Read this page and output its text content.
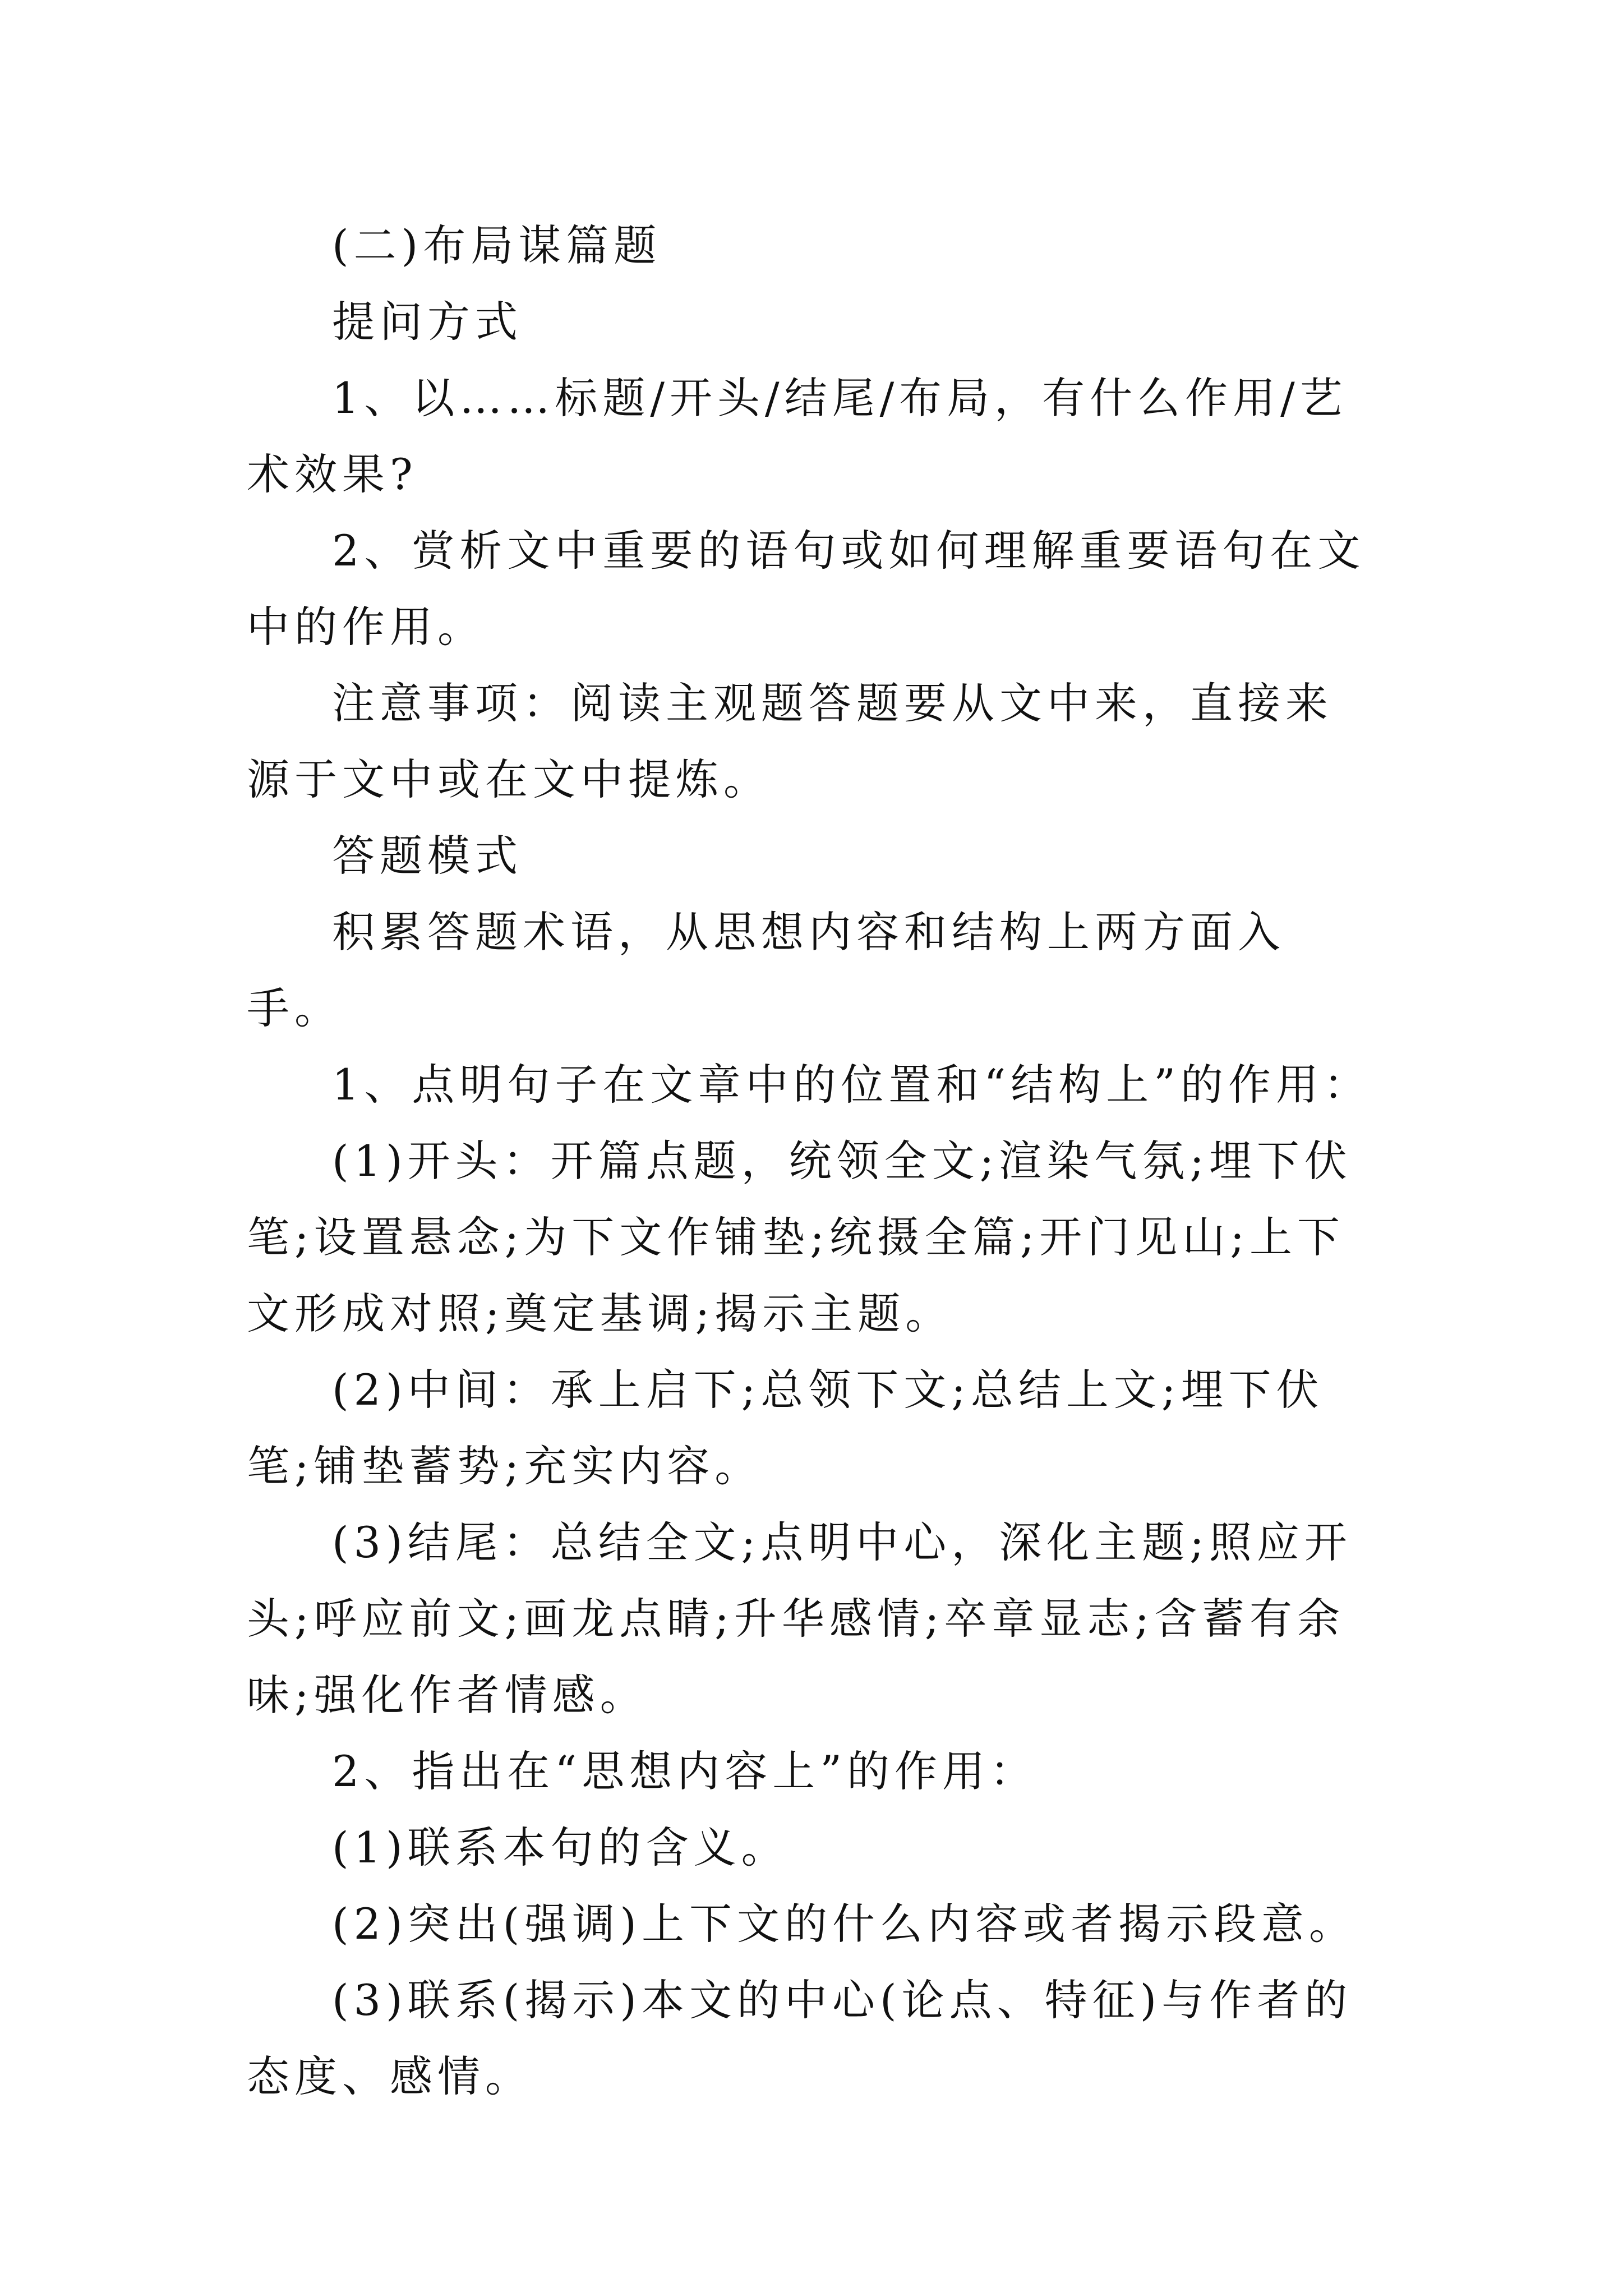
(二)布局谋篇题

提问方式

1、以……标题/开头/结尾/布局，有什么作用/艺术效果?

2、赏析文中重要的语句或如何理解重要语句在文中的作用。

注意事项：阅读主观题答题要从文中来，直接来源于文中或在文中提炼。

答题模式

积累答题术语，从思想内容和结构上两方面入手。

1、点明句子在文章中的位置和“结构上”的作用：

(1)开头：开篇点题，统领全文;渲染气氛;埋下伏笔;设置悬念;为下文作铺垫;统摄全篇;开门见山;上下文形成对照;奠定基调;揭示主题。

(2)中间：承上启下;总领下文;总结上文;埋下伏笔;铺垫蓄势;充实内容。

(3)结尾：总结全文;点明中心，深化主题;照应开头;呼应前文;画龙点睛;升华感情;卒章显志;含蓄有余味;强化作者情感。

2、指出在“思想内容上”的作用：

(1)联系本句的含义。

(2)突出(强调)上下文的什么内容或者揭示段意。

(3)联系(揭示)本文的中心(论点、特征)与作者的态度、感情。
